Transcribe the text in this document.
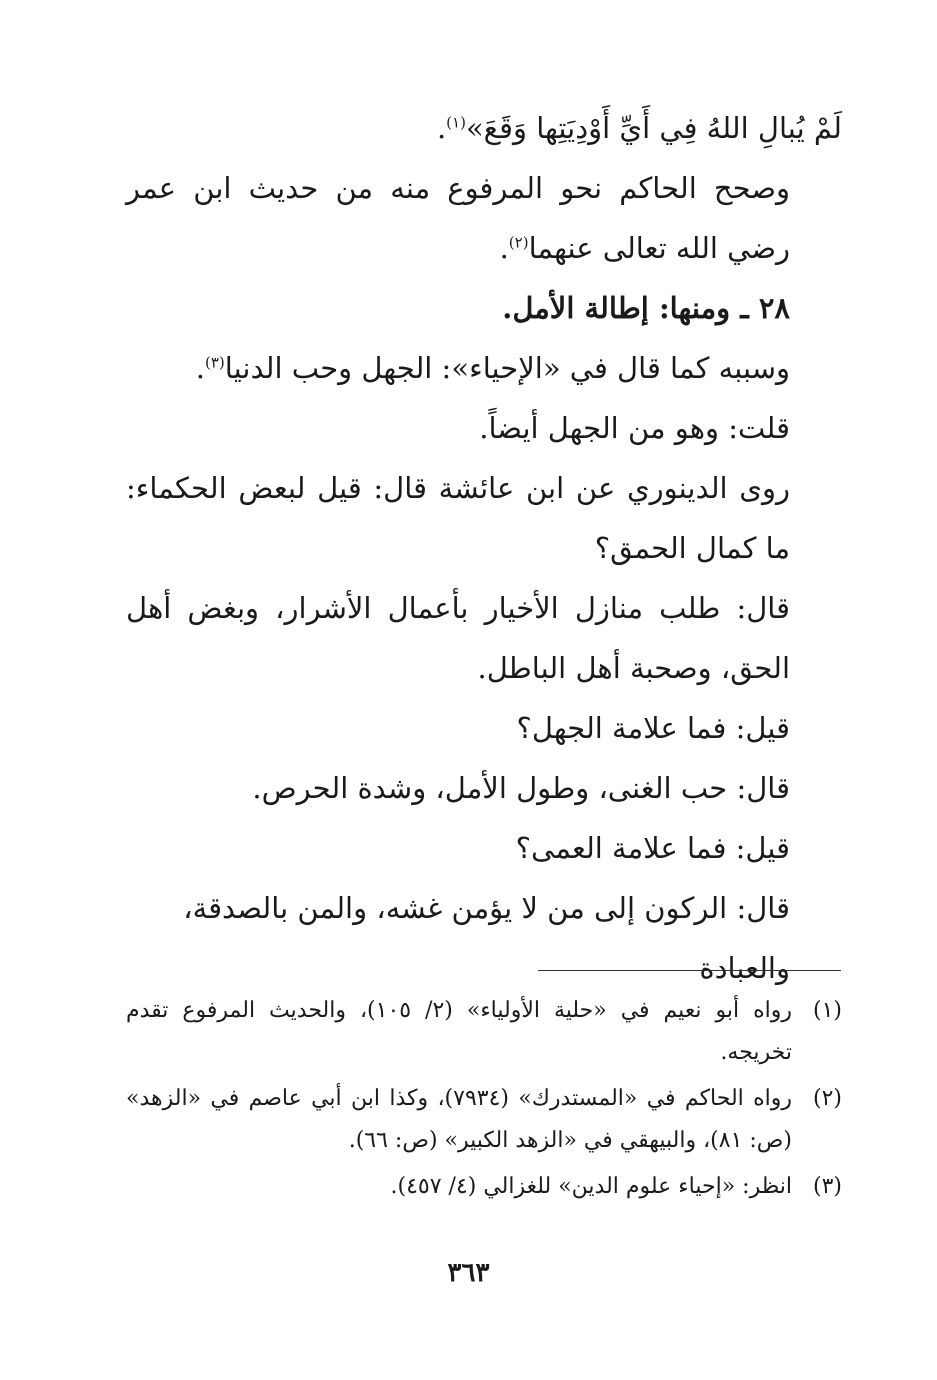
لَمْ يُبالِ اللهُ فِي أَيِّ أَوْدِيَتِها وَقَعَ»$^{(١)}$.

وصحح الحاكم نحو المرفوع منه من حديث ابن عمر رضي الله تعالى عنهما$^{(٢)}$.

٢٨ ـ ومنها: إطالة الأمل.

وسببه كما قال في «الإحياء»: الجهل وحب الدنيا$^{(٣)}$.

قلت: وهو من الجهل أيضاً.

روى الدينوري عن ابن عائشة قال: قيل لبعض الحكماء: ما كمال الحمق؟

قال: طلب منازل الأخيار بأعمال الأشرار، وبغض أهل الحق، وصحبة أهل الباطل.

قيل: فما علامة الجهل؟

قال: حب الغنى، وطول الأمل، وشدة الحرص.

قيل: فما علامة العمى؟

قال: الركون إلى من لا يؤمن غشه، والمن بالصدقة، والعبادة

(١)
رواه أبو نعيم في «حلية الأولياء» (٢/ ١٠٥)، والحديث المرفوع تقدم تخريجه.
(٢)
رواه الحاكم في «المستدرك» (٧٩٣٤)، وكذا ابن أبي عاصم في «الزهد» (ص: ٨١)، والبيهقي في «الزهد الكبير» (ص: ٦٦).
(٣)
انظر: «إحياء علوم الدين» للغزالي (٤/ ٤٥٧).
٣٦٣
